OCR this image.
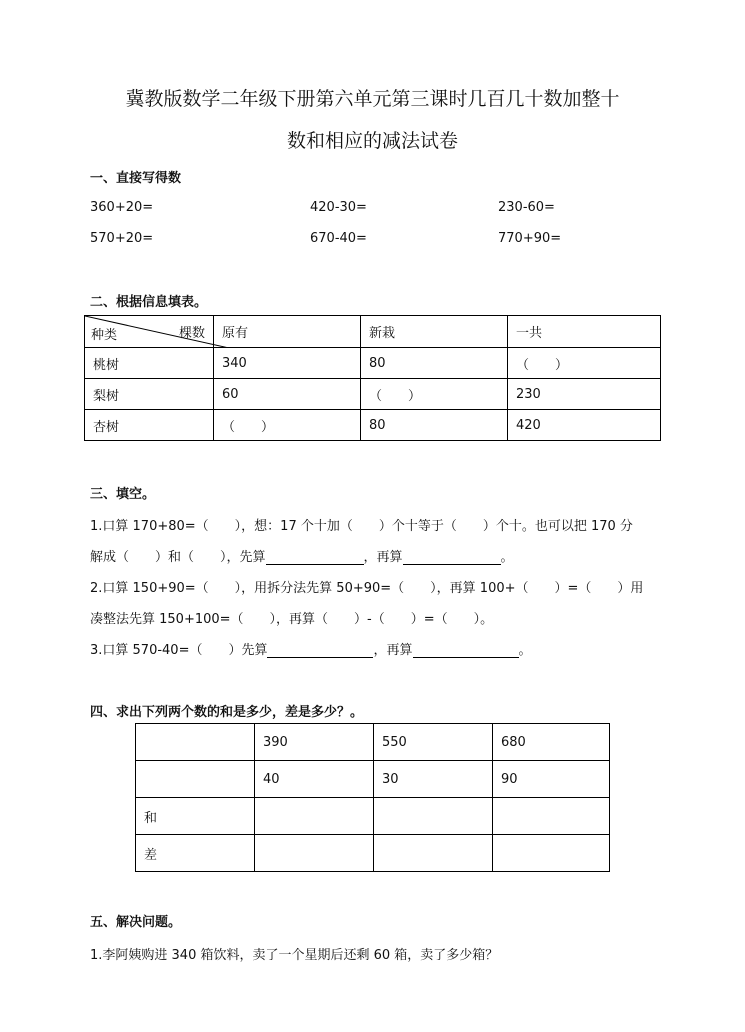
冀教版数学二年级下册第六单元第三课时几百几十数加整十
数和相应的减法试卷
一、直接写得数
360+20=	420-30=	230-60=
570+20=	670-40=	770+90=
二、根据信息填表。
种类 棵数	原有	新栽	一共
桃树	340	80	（　　）
梨树	60	（　　）	230
杏树	（　　）	80	420
三、填空。
1.口算 170+80=（　　），想：17 个十加（　　）个十等于（　　）个十。也可以把 170 分
解成（　　）和（　　），先算	，再算	。
2.口算 150+90=（　　），用拆分法先算 50+90=（　　），再算 100+（　　）=（　　）用
凑整法先算 150+100=（　　），再算（　　）-（　　）=（　　）。
3.口算 570-40=（　　）先算	，再算	。
四、求出下列两个数的和是多少，差是多少？。
	390	550	680
	40	30	90
和			
差			
五、解决问题。
1.李阿姨购进 340 箱饮料，卖了一个星期后还剩 60 箱，卖了多少箱？
